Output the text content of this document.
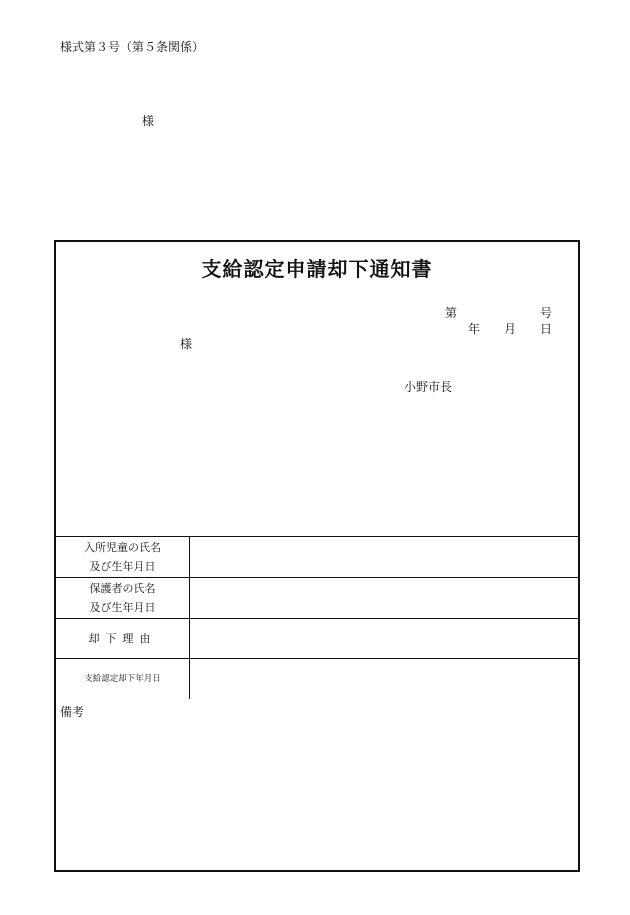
様式第３号（第５条関係）
様
支給認定申請却下通知書
第	号
年 月 日
様
小野市長
入所児童の氏名
及び生年月日	

保護者の氏名
及び生年月日	

却下理由	
支給認定却下年月日	
備考
